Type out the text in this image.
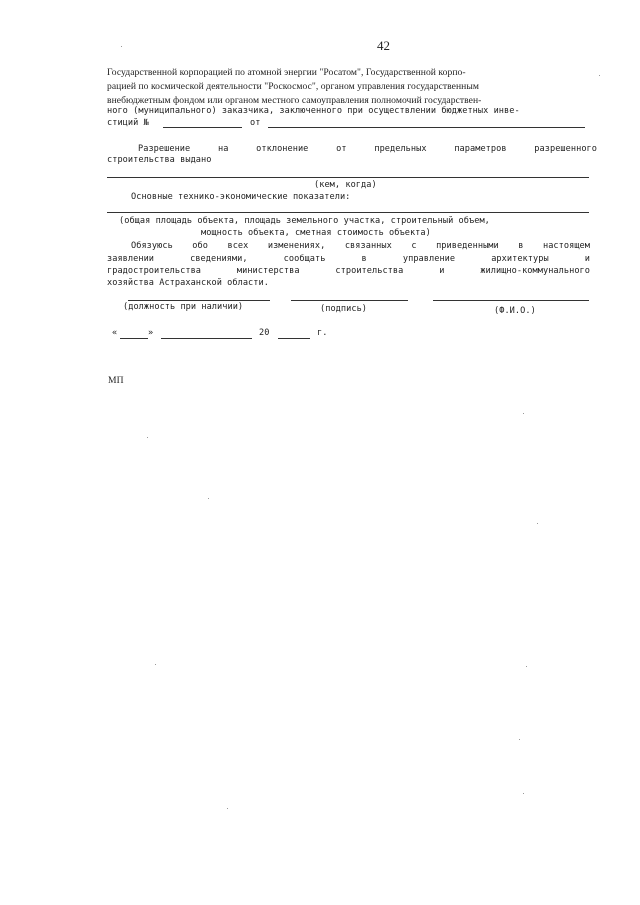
42
Государственной корпорацией по атомной энергии "Росатом", Государственной корпо-
рацией по космической деятельности "Роскосмос", органом управления государственным
внебюджетным фондом или органом местного самоуправления полномочий государствен-
ного (муниципального) заказчика, заключенного при осуществлении бюджетных инве-
стиций №	от
Разрешение на отклонение от предельных параметров разрешенного
строительства выдано
(кем, когда)
Основные технико-экономические показатели:
(общая площадь объекта, площадь земельного участка, строительный объем,
мощность объекта, сметная стоимость объекта)
Обязуюсь обо всех изменениях, связанных с приведенными в настоящем
заявлении сведениями, сообщать в управление архитектуры и
градостроительства министерства строительства и жилищно-коммунального
хозяйства Астраханской области.
(должность при наличии)	(подпись)	(Ф.И.О.)
«	»	20	г.
МП
